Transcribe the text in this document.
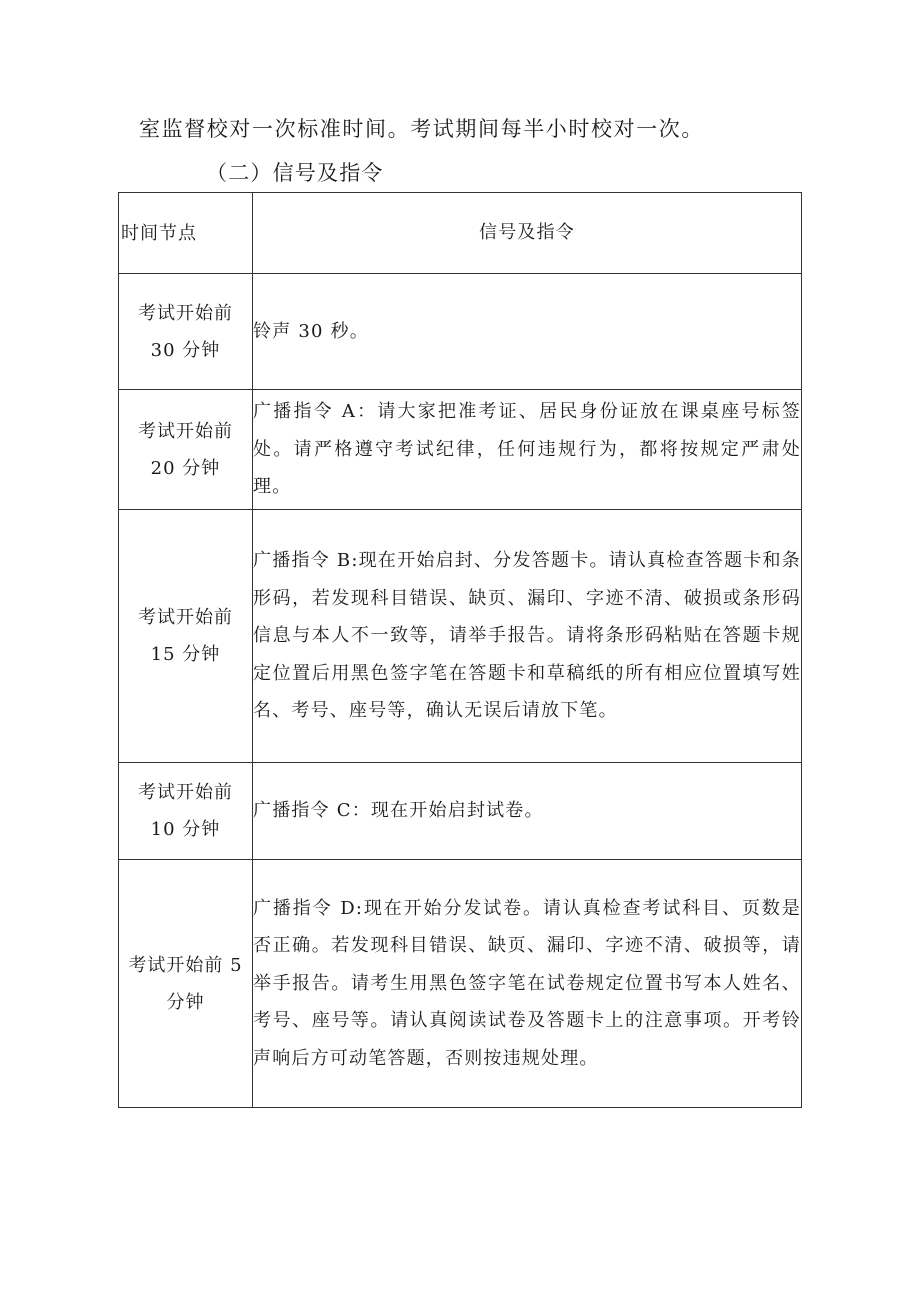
室监督校对一次标准时间。考试期间每半小时校对一次。
（二）信号及指令
时间节点	信号及指令

考试开始前
30 分钟	铃声 30 秒。

考试开始前
20 分钟	广播指令 A：请大家把准考证、居民身份证放在课桌座号标签处。请严格遵守考试纪律，任何违规行为，都将按规定严肃处理。

考试开始前
15 分钟	广播指令 B:现在开始启封、分发答题卡。请认真检查答题卡和条形码，若发现科目错误、缺页、漏印、字迹不清、破损或条形码信息与本人不一致等，请举手报告。请将条形码粘贴在答题卡规定位置后用黑色签字笔在答题卡和草稿纸的所有相应位置填写姓名、考号、座号等，确认无误后请放下笔。

考试开始前
10 分钟	广播指令 C：现在开始启封试卷。

考试开始前 5
分钟	广播指令 D:现在开始分发试卷。请认真检查考试科目、页数是否正确。若发现科目错误、缺页、漏印、字迹不清、破损等，请举手报告。请考生用黑色签字笔在试卷规定位置书写本人姓名、考号、座号等。请认真阅读试卷及答题卡上的注意事项。开考铃声响后方可动笔答题，否则按违规处理。
